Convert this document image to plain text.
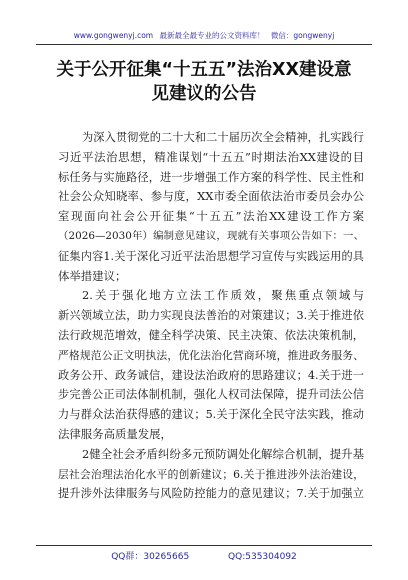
www.gongwenyj.com 最新最全最专业的公文资料库！ 微信：gongwenyj
关于公开征集“十五五”法治XX建设意
见建议的公告
为深入贯彻党的二十大和二十届历次全会精神，扎实践行
习近平法治思想，精准谋划“十五五”时期法治XX建设的目
标任务与实施路径，进一步增强工作方案的科学性、民主性和
社会公众知晓率、参与度，XX市委全面依法治市委员会办公
室现面向社会公开征集“十五五”法治XX建设工作方案
（2026—2030年）编制意见建议，现就有关事项公告如下：一、
征集内容1.关于深化习近平法治思想学习宣传与实践运用的具
体举措建议；
2.关于强化地方立法工作质效，聚焦重点领域与
新兴领域立法，助力实现良法善治的对策建议；3.关于推进依
法行政规范增效，健全科学决策、民主决策、依法决策机制，
严格规范公正文明执法，优化法治化营商环境，推进政务服务、
政务公开、政务诚信，建设法治政府的思路建议；4.关于进一
步完善公正司法体制机制，强化人权司法保障，提升司法公信
力与群众法治获得感的建议；5.关于深化全民守法实践，推动
法律服务高质量发展，
2健全社会矛盾纠纷多元预防调处化解综合机制，提升基
层社会治理法治化水平的创新建议；6.关于推进涉外法治建设，
提升涉外法律服务与风险防控能力的意见建议；7.关于加强立
QQ群：30265665	QQ:535304092
